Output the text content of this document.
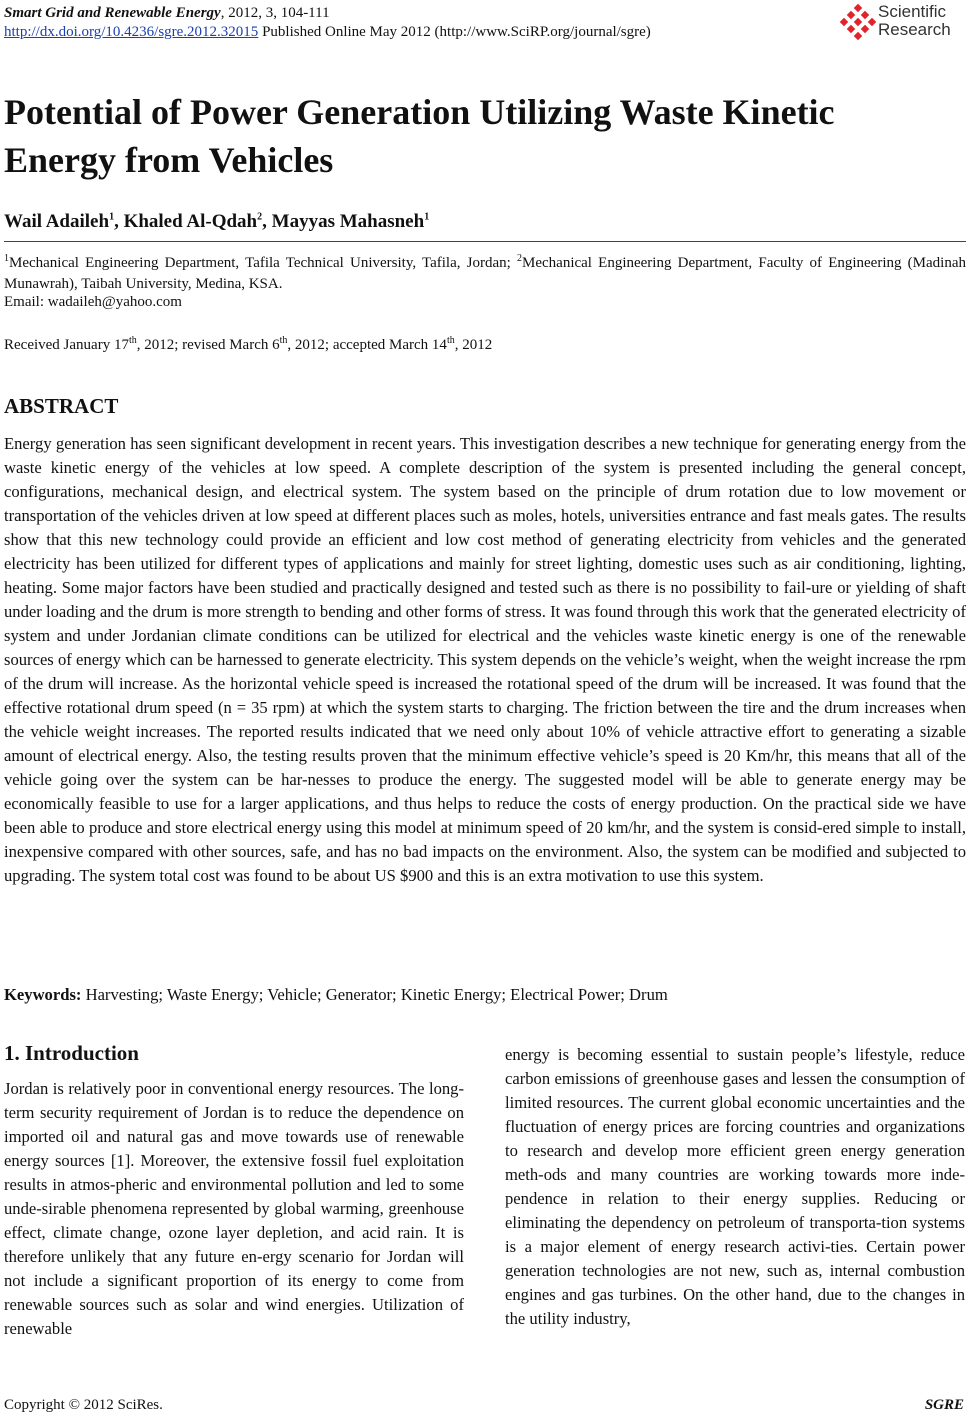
Smart Grid and Renewable Energy, 2012, 3, 104-111
http://dx.doi.org/10.4236/sgre.2012.32015 Published Online May 2012 (http://www.SciRP.org/journal/sgre)
Scientific
Research
Potential of Power Generation Utilizing Waste Kinetic Energy from Vehicles
Wail Adaileh$^1$, Khaled Al-Qdah$^2$, Mayyas Mahasneh$^1$
$^1$Mechanical Engineering Department, Tafila Technical University, Tafila, Jordan; $^2$Mechanical Engineering Department, Faculty of Engineering (Madinah Munawrah), Taibah University, Medina, KSA.
Email: wadaileh@yahoo.com
Received January 17th, 2012; revised March 6th, 2012; accepted March 14th, 2012
ABSTRACT
Energy generation has seen significant development in recent years. This investigation describes a new technique for generating energy from the waste kinetic energy of the vehicles at low speed. A complete description of the system is presented including the general concept, configurations, mechanical design, and electrical system. The system based on the principle of drum rotation due to low movement or transportation of the vehicles driven at low speed at different places such as moles, hotels, universities entrance and fast meals gates. The results show that this new technology could provide an efficient and low cost method of generating electricity from vehicles and the generated electricity has been utilized for different types of applications and mainly for street lighting, domestic uses such as air conditioning, lighting, heating. Some major factors have been studied and practically designed and tested such as there is no possibility to fail-ure or yielding of shaft under loading and the drum is more strength to bending and other forms of stress. It was found through this work that the generated electricity of system and under Jordanian climate conditions can be utilized for electrical and the vehicles waste kinetic energy is one of the renewable sources of energy which can be harnessed to generate electricity. This system depends on the vehicle’s weight, when the weight increase the rpm of the drum will increase. As the horizontal vehicle speed is increased the rotational speed of the drum will be increased. It was found that the effective rotational drum speed (n = 35 rpm) at which the system starts to charging. The friction between the tire and the drum increases when the vehicle weight increases. The reported results indicated that we need only about 10% of vehicle attractive effort to generating a sizable amount of electrical energy. Also, the testing results proven that the minimum effective vehicle’s speed is 20 Km/hr, this means that all of the vehicle going over the system can be har-nesses to produce the energy. The suggested model will be able to generate energy may be economically feasible to use for a larger applications, and thus helps to reduce the costs of energy production. On the practical side we have been able to produce and store electrical energy using this model at minimum speed of 20 km/hr, and the system is consid-ered simple to install, inexpensive compared with other sources, safe, and has no bad impacts on the environment. Also, the system can be modified and subjected to upgrading. The system total cost was found to be about US $900 and this is an extra motivation to use this system.
Keywords: Harvesting; Waste Energy; Vehicle; Generator; Kinetic Energy; Electrical Power; Drum
1. Introduction
Jordan is relatively poor in conventional energy resources. The long-term security requirement of Jordan is to reduce the dependence on imported oil and natural gas and move towards use of renewable energy sources [1]. Moreover, the extensive fossil fuel exploitation results in atmos-pheric and environmental pollution and led to some unde-sirable phenomena represented by global warming, greenhouse effect, climate change, ozone layer depletion, and acid rain. It is therefore unlikely that any future en-ergy scenario for Jordan will not include a significant proportion of its energy to come from renewable sources such as solar and wind energies. Utilization of renewable
energy is becoming essential to sustain people’s lifestyle, reduce carbon emissions of greenhouse gases and lessen the consumption of limited resources. The current global economic uncertainties and the fluctuation of energy prices are forcing countries and organizations to research and develop more efficient green energy generation meth-ods and many countries are working towards more inde-pendence in relation to their energy supplies. Reducing or eliminating the dependency on petroleum of transporta-tion systems is a major element of energy research activi-ties. Certain power generation technologies are not new, such as, internal combustion engines and gas turbines. On the other hand, due to the changes in the utility industry,
Copyright © 2012 SciRes.	SGRE
